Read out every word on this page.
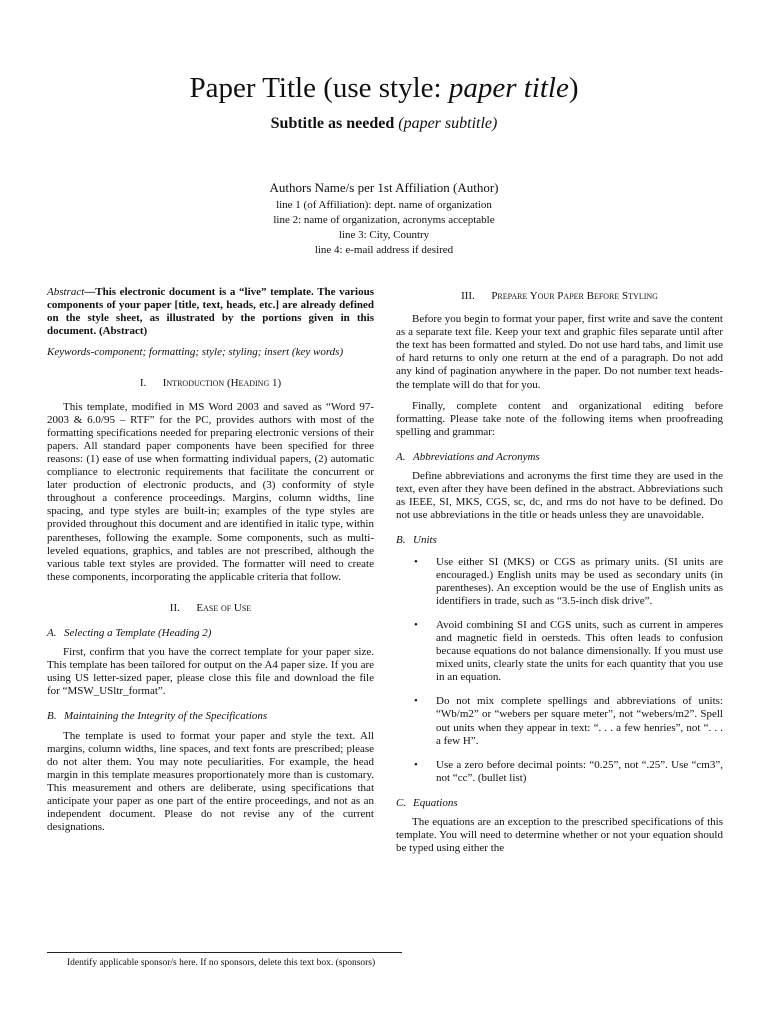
Paper Title (use style: paper title)
Subtitle as needed (paper subtitle)
Authors Name/s per 1st Affiliation (Author)
line 1 (of Affiliation): dept. name of organization
line 2: name of organization, acronyms acceptable
line 3: City, Country
line 4: e-mail address if desired

Abstract—This electronic document is a “live” template. The various components of your paper [title, text, heads, etc.] are already defined on the style sheet, as illustrated by the portions given in this document. (Abstract)

Keywords-component; formatting; style; styling; insert (key words)

I. Introduction (Heading 1)

This template, modified in MS Word 2003 and saved as “Word 97-2003 & 6.0/95 – RTF” for the PC, provides authors with most of the formatting specifications needed for preparing electronic versions of their papers. All standard paper components have been specified for three reasons: (1) ease of use when formatting individual papers, (2) automatic compliance to electronic requirements that facilitate the concurrent or later production of electronic products, and (3) conformity of style throughout a conference proceedings. Margins, column widths, line spacing, and type styles are built-in; examples of the type styles are provided throughout this document and are identified in italic type, within parentheses, following the example. Some components, such as multi-leveled equations, graphics, and tables are not prescribed, although the various table text styles are provided. The formatter will need to create these components, incorporating the applicable criteria that follow.

II. Ease of Use
A. Selecting a Template (Heading 2)

First, confirm that you have the correct template for your paper size. This template has been tailored for output on the A4 paper size. If you are using US letter-sized paper, please close this file and download the file for “MSW_USltr_format”.

B. Maintaining the Integrity of the Specifications

The template is used to format your paper and style the text. All margins, column widths, line spaces, and text fonts are prescribed; please do not alter them. You may note peculiarities. For example, the head margin in this template measures proportionately more than is customary. This measurement and others are deliberate, using specifications that anticipate your paper as one part of the entire proceedings, and not as an independent document. Please do not revise any of the current designations.

III. Prepare Your Paper Before Styling

Before you begin to format your paper, first write and save the content as a separate text file. Keep your text and graphic files separate until after the text has been formatted and styled. Do not use hard tabs, and limit use of hard returns to only one return at the end of a paragraph. Do not add any kind of pagination anywhere in the paper. Do not number text heads-the template will do that for you.

Finally, complete content and organizational editing before formatting. Please take note of the following items when proofreading spelling and grammar:

A. Abbreviations and Acronyms

Define abbreviations and acronyms the first time they are used in the text, even after they have been defined in the abstract. Abbreviations such as IEEE, SI, MKS, CGS, sc, dc, and rms do not have to be defined. Do not use abbreviations in the title or heads unless they are unavoidable.

B. Units
• Use either SI (MKS) or CGS as primary units. (SI units are encouraged.) English units may be used as secondary units (in parentheses). An exception would be the use of English units as identifiers in trade, such as “3.5-inch disk drive”.
• Avoid combining SI and CGS units, such as current in amperes and magnetic field in oersteds. This often leads to confusion because equations do not balance dimensionally. If you must use mixed units, clearly state the units for each quantity that you use in an equation.
• Do not mix complete spellings and abbreviations of units: “Wb/m2” or “webers per square meter”, not “webers/m2”. Spell out units when they appear in text: “. . . a few henries”, not “. . . a few H”.
• Use a zero before decimal points: “0.25”, not “.25”. Use “cm3”, not “cc”. (bullet list)
C. Equations

The equations are an exception to the prescribed specifications of this template. You will need to determine whether or not your equation should be typed using either the

Identify applicable sponsor/s here. If no sponsors, delete this text box. (sponsors)
